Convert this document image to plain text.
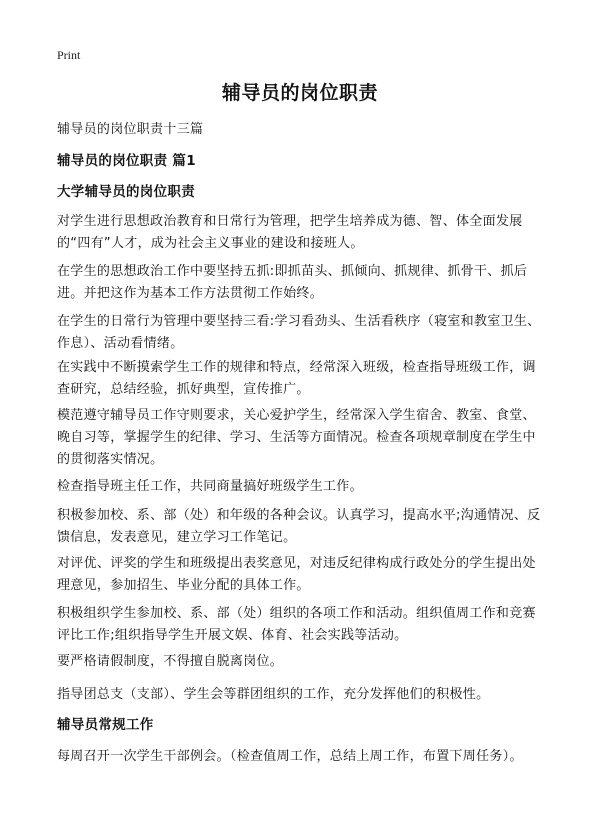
Print
辅导员的岗位职责

辅导员的岗位职责十三篇

辅导员的岗位职责 篇1

大学辅导员的岗位职责

对学生进行思想政治教育和日常行为管理，把学生培养成为德、智、体全面发展的“四有”人才，成为社会主义事业的建设和接班人。

在学生的思想政治工作中要坚持五抓:即抓苗头、抓倾向、抓规律、抓骨干、抓后进。并把这作为基本工作方法贯彻工作始终。

在学生的日常行为管理中要坚持三看:学习看劲头、生活看秩序（寝室和教室卫生、作息）、活动看情绪。

在实践中不断摸索学生工作的规律和特点，经常深入班级，检查指导班级工作，调查研究，总结经验，抓好典型，宣传推广。

模范遵守辅导员工作守则要求，关心爱护学生，经常深入学生宿舍、教室、食堂、晚自习等，掌握学生的纪律、学习、生活等方面情况。检查各项规章制度在学生中的贯彻落实情况。

检查指导班主任工作，共同商量搞好班级学生工作。

积极参加校、系、部（处）和年级的各种会议。认真学习，提高水平;沟通情况、反馈信息，发表意见，建立学习工作笔记。

对评优、评奖的学生和班级提出表奖意见，对违反纪律构成行政处分的学生提出处理意见，参加招生、毕业分配的具体工作。

积极组织学生参加校、系、部（处）组织的各项工作和活动。组织值周工作和竞赛评比工作;组织指导学生开展文娱、体育、社会实践等活动。

要严格请假制度，不得擅自脱离岗位。

指导团总支（支部）、学生会等群团组织的工作，充分发挥他们的积极性。

辅导员常规工作

每周召开一次学生干部例会。（检查值周工作，总结上周工作，布置下周任务）。
